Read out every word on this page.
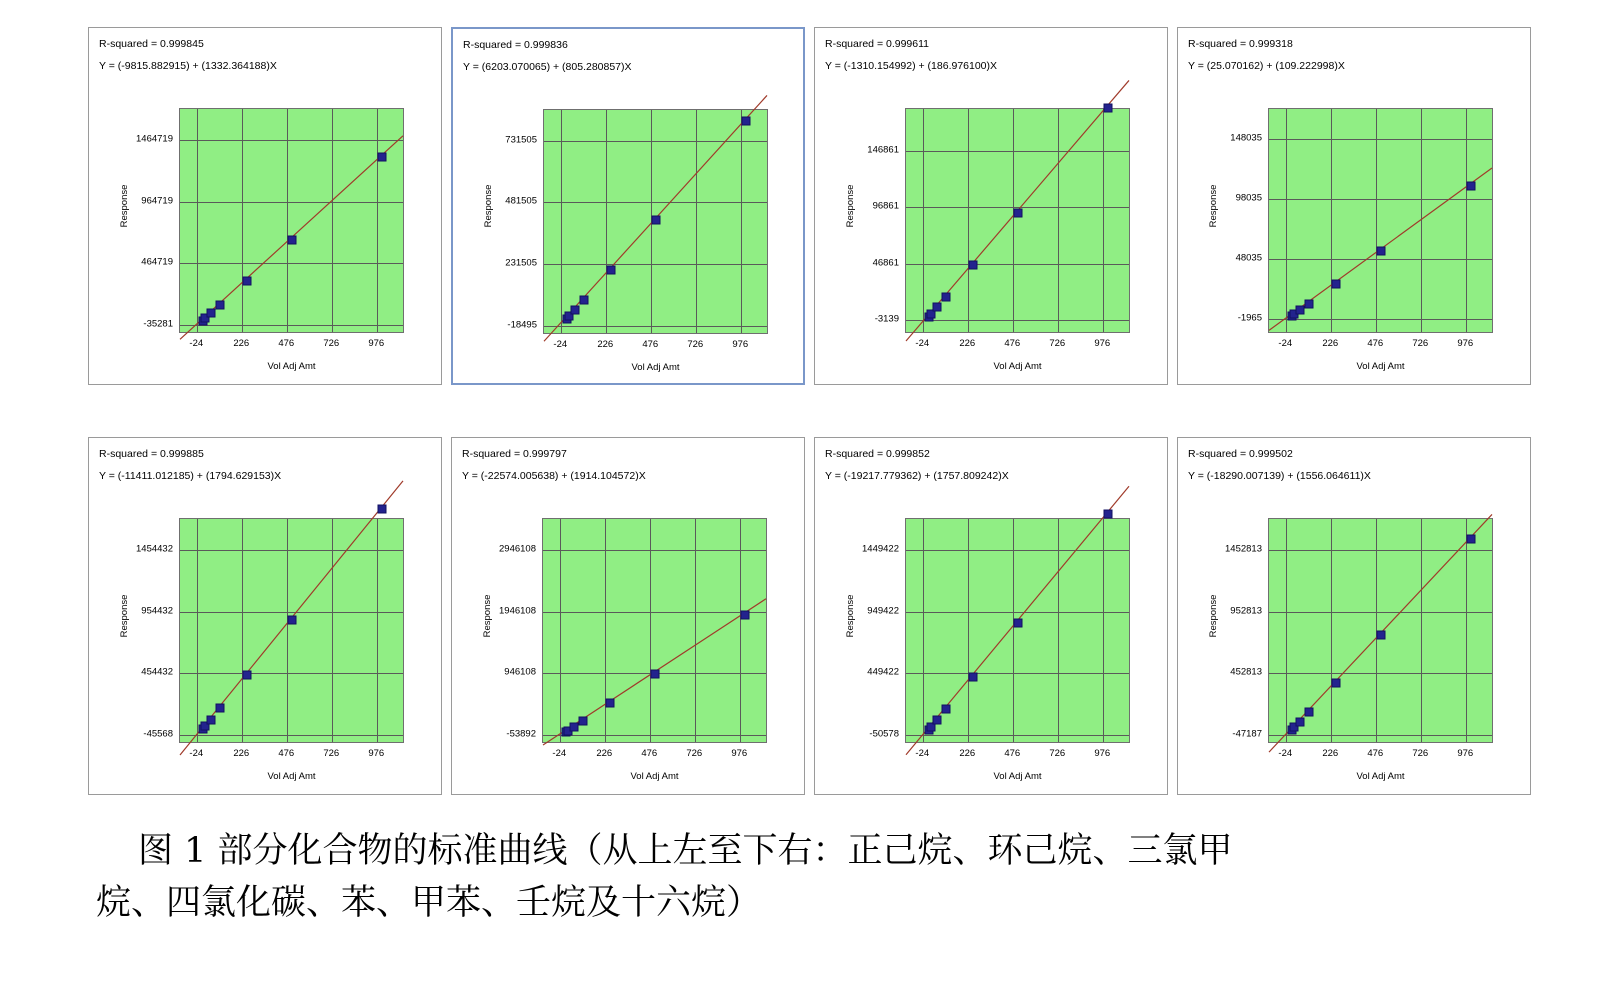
R-squared = 0.999845
Y = (-9815.882915) + (1332.364188)X
-35281
464719
964719
1464719
-24	226	476	726	976
Response
Vol Adj Amt
R-squared = 0.999836
Y = (6203.070065) + (805.280857)X
-18495
231505
481505
731505
-24	226	476	726	976
Response
Vol Adj Amt
R-squared = 0.999611
Y = (-1310.154992) + (186.976100)X
-3139
46861
96861
146861
-24	226	476	726	976
Response
Vol Adj Amt
R-squared = 0.999318
Y = (25.070162) + (109.222998)X
-1965
48035
98035
148035
-24	226	476	726	976
Response
Vol Adj Amt
R-squared = 0.999885
Y = (-11411.012185) + (1794.629153)X
-45568
454432
954432
1454432
-24	226	476	726	976
Response
Vol Adj Amt
R-squared = 0.999797
Y = (-22574.005638) + (1914.104572)X
-53892
946108
1946108
2946108
-24	226	476	726	976
Response
Vol Adj Amt
R-squared = 0.999852
Y = (-19217.779362) + (1757.809242)X
-50578
449422
949422
1449422
-24	226	476	726	976
Response
Vol Adj Amt
R-squared = 0.999502
Y = (-18290.007139) + (1556.064611)X
-47187
452813
952813
1452813
-24	226	476	726	976
Response
Vol Adj Amt
图 1 部分化合物的标准曲线（从上左至下右：正己烷、环己烷、三氯甲
烷、四氯化碳、苯、甲苯、壬烷及十六烷）
